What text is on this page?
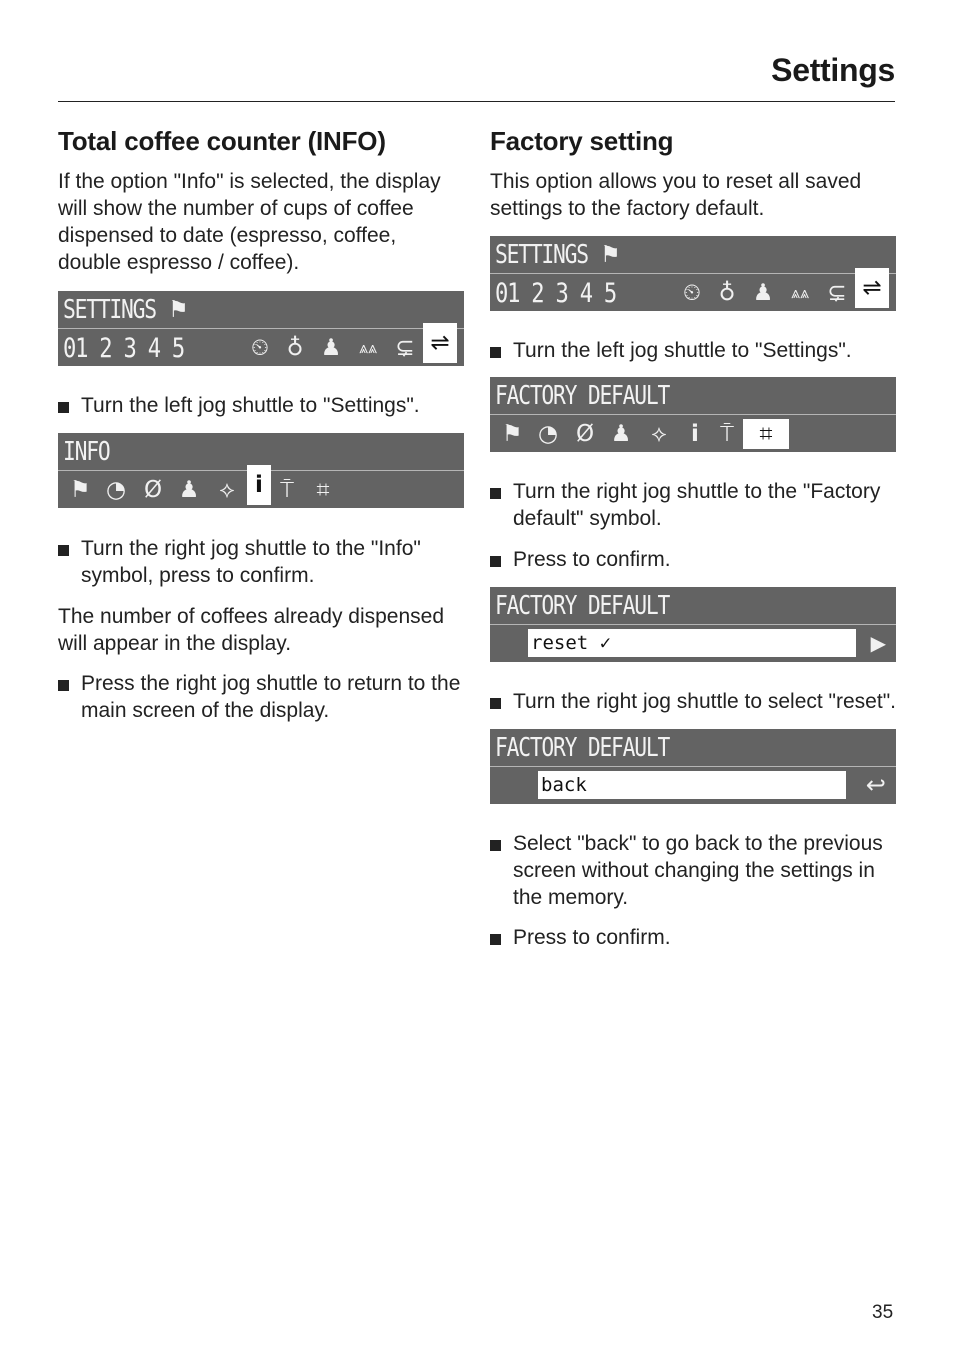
Settings
Total coffee counter (INFO)

If the option "Info" is selected, the display will show the number of cups of coffee dispensed to date (espresso, coffee, double espresso / coffee).

SETTINGS ⚑
01 2 3 4 5	⏲ ♁ ♟	⩓⩓ ⊊ ⇌
Turn the left jog shuttle to "Settings".
INFO
⚑ ◔ Ø ♟ ⟡ i ⍑ ⌗
Turn the right jog shuttle to the "Info" symbol, press to confirm.

The number of coffees already dispensed will appear in the display.

Press the right jog shuttle to return to the main screen of the display.
Factory setting

This option allows you to reset all saved settings to the factory default.

SETTINGS ⚑
01 2 3 4 5	⏲ ♁ ♟	⩓⩓ ⊊ ⇌
Turn the left jog shuttle to "Settings".
FACTORY DEFAULT
⚑ ◔ Ø ♟ ⟡	i ⍑	⌗
Turn the right jog shuttle to the "Factory default" symbol.
Press to confirm.
FACTORY DEFAULT
reset ✓	▶
Turn the right jog shuttle to select "reset".
FACTORY DEFAULT
back	↩
Select "back" to go back to the previous screen without changing the settings in the memory.
Press to confirm.
35
